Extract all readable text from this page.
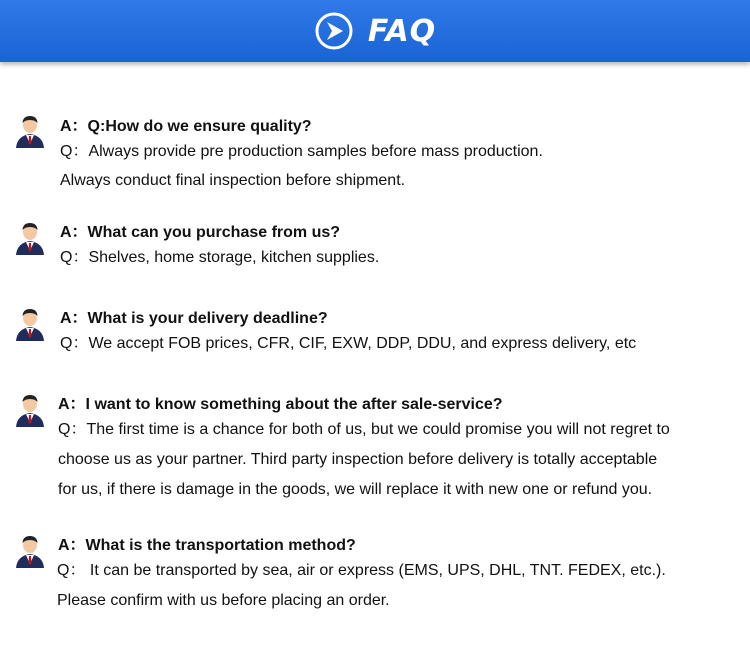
FAQ
A：Q:How do we ensure quality?
Q：Always provide pre production samples before mass production.
Always conduct final inspection before shipment.
A：What can you purchase from us?
Q：Shelves, home storage, kitchen supplies.
A：What is your delivery deadline?
Q：We accept FOB prices, CFR, CIF, EXW, DDP, DDU, and express delivery, etc
A：I want to know something about the after sale-service?
Q：The first time is a chance for both of us, but we could promise you will not regret to
choose us as your partner. Third party inspection before delivery is totally acceptable
for us, if there is damage in the goods, we will replace it with new one or refund you.
A：What is the transportation method?
Q： It can be transported by sea, air or express (EMS, UPS, DHL, TNT. FEDEX, etc.).
Please confirm with us before placing an order.
